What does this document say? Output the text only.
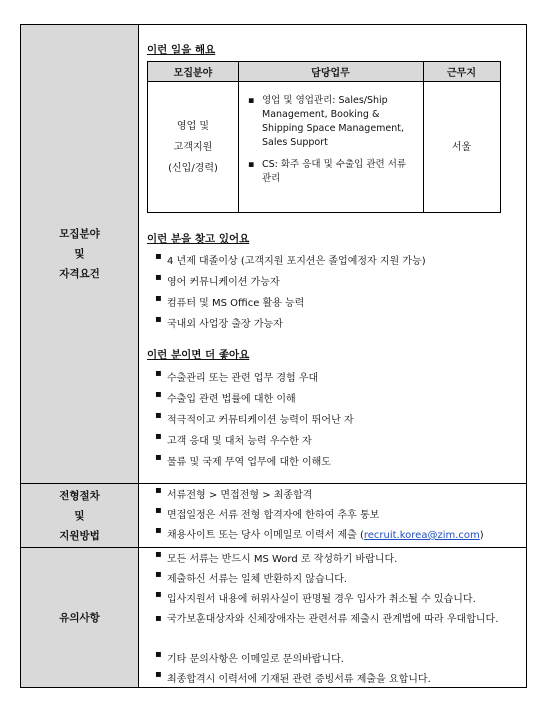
모집분야
및
자격요건
이런 일을 해요
모집분야	담당업무	근무지
영업 및
고객지원
(신입/경력)
▪ 영업 및 영업관리: Sales/Ship Management, Booking & Shipping Space Management, Sales Support
▪ CS: 화주 응대 및 수출입 관련 서류 관리
서울
이런 분을 찾고 있어요
▪ 4 년제 대졸이상 (고객지원 포지션은 졸업예정자 지원 가능)
▪ 영어 커뮤니케이션 가능자
▪ 컴퓨터 및 MS Office 활용 능력
▪ 국내외 사업장 출장 가능자
이런 분이면 더 좋아요
▪ 수출관리 또는 관련 업무 경험 우대
▪ 수출입 관련 법률에 대한 이해
▪ 적극적이고 커뮤티케이션 능력이 뛰어난 자
▪ 고객 응대 및 대처 능력 우수한 자
▪ 물류 및 국제 무역 업무에 대한 이해도
전형절차
및
지원방법
▪ 서류전형 > 면접전형 > 최종합격
▪ 면접일정은 서류 전형 합격자에 한하여 추후 통보
▪ 채용사이트 또는 당사 이메일로 이력서 제출 (recruit.korea@zim.com)
유의사항
▪ 모든 서류는 반드시 MS Word 로 작성하기 바랍니다.
▪ 제출하신 서류는 일체 반환하지 않습니다.
▪ 입사지원서 내용에 허위사실이 판명될 경우 입사가 취소될 수 있습니다.
▪ 국가보훈대상자와 신체장애자는 관련서류 제출시 관계법에 따라 우대합니다.
▪ 기타 문의사항은 이메일로 문의바랍니다.
▪ 최종합격시 이력서에 기재된 관련 증빙서류 제출을 요합니다.
